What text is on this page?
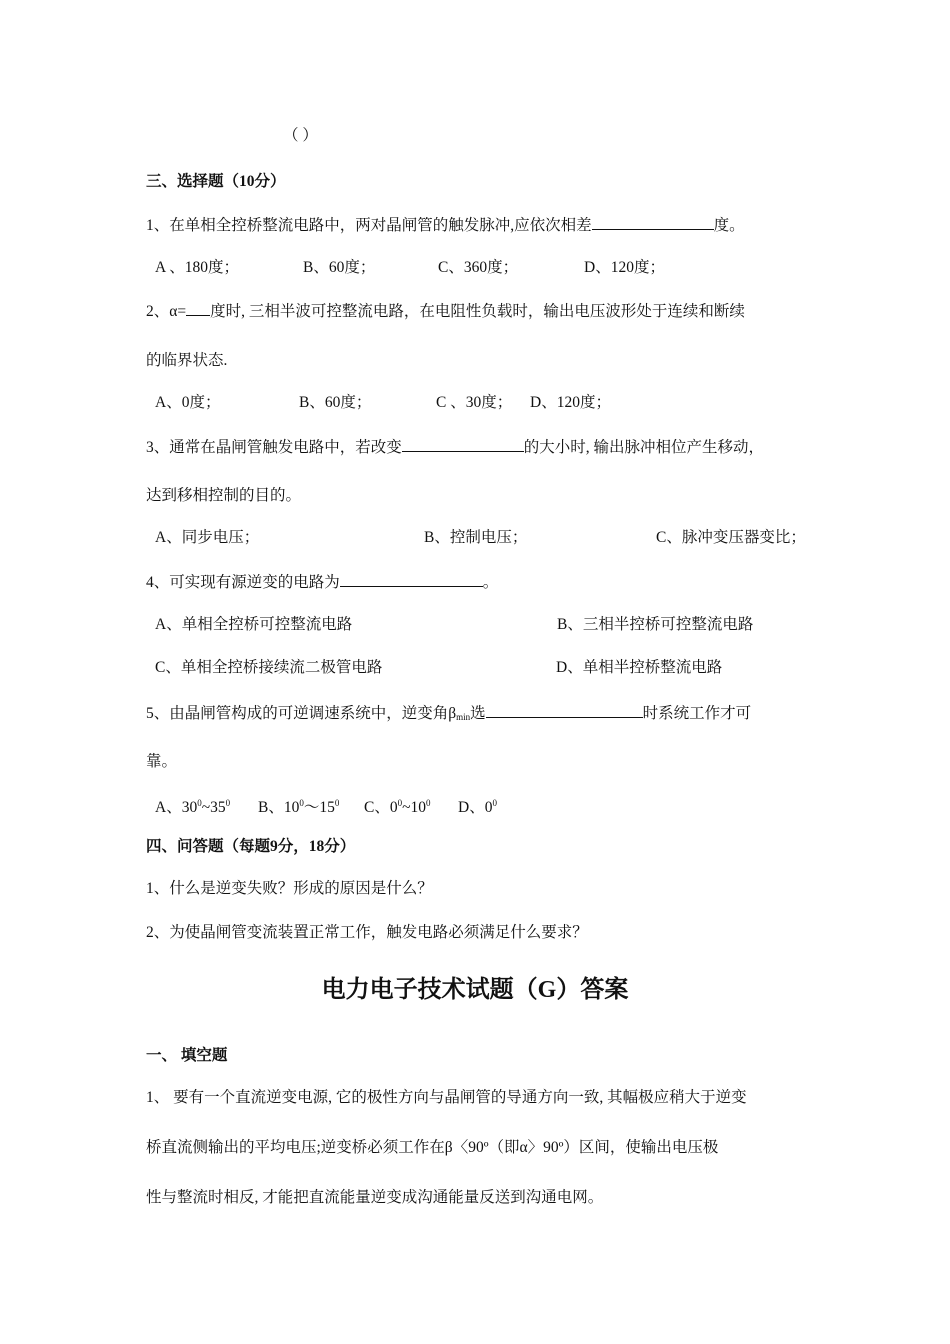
（ ）
三、选择题（10分）
1、在单相全控桥整流电路中，两对晶闸管的触发脉冲,应依次相差	度。
A 、180度；	B、60度；	C、360度；	D、120度；
2、α= 度时, 三相半波可控整流电路，在电阻性负载时，输出电压波形处于连续和断续
的临界状态.
A、0度；	B、60度；	C 、30度； D、120度；
3、通常在晶闸管触发电路中，若改变	的大小时, 输出脉冲相位产生移动，
达到移相控制的目的。
A、同步电压；	B、控制电压；	C、脉冲变压器变比；
4、可实现有源逆变的电路为	。
A、单相全控桥可控整流电路	B、三相半控桥可控整流电路
C、单相全控桥接续流二极管电路	D、单相半控桥整流电路
5、由晶闸管构成的可逆调速系统中，逆变角$\beta_{min}$选	时系统工作才可
靠。
A、$30^0\sim 35^0$ B、$10^0\sim 15^0$ C、$0^0\sim 10^0$ D、$0^0$
四、问答题（每题9分，18分）
1、什么是逆变失败？形成的原因是什么？
2、为使晶闸管变流装置正常工作，触发电路必须满足什么要求？
电力电子技术试题（G）答案
一、 填空题
1、 要有一个直流逆变电源, 它的极性方向与晶闸管的导通方向一致, 其幅极应稍大于逆变
桥直流侧输出的平均电压;逆变桥必须工作在β〈90º（即α〉90º）区间，使输出电压极
性与整流时相反, 才能把直流能量逆变成沟通能量反送到沟通电网。
